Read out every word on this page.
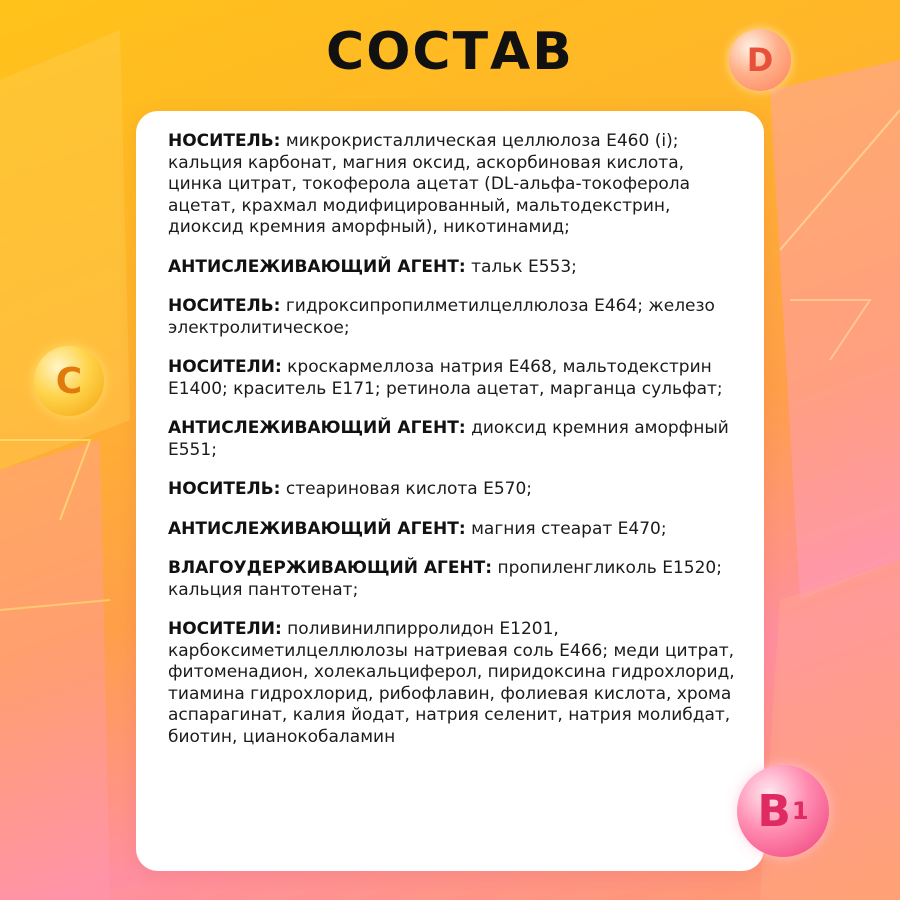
СОСТАВ	D
C

НОСИТЕЛЬ: микрокристаллическая целлюлоза E460 (i); кальция карбонат, магния оксид, аскорбиновая кислота, цинка цитрат, токоферола ацетат (DL-альфа-токоферола ацетат, крахмал модифицированный, мальтодекстрин, диоксид кремния аморфный), никотинамид;

АНТИСЛЕЖИВАЮЩИЙ АГЕНТ: тальк E553;

НОСИТЕЛЬ: гидроксипропилметилцеллюлоза E464; железо электролитическое;

НОСИТЕЛИ: кроскармеллоза натрия E468, мальтодекстрин E1400; краситель E171; ретинола ацетат, марганца сульфат;

АНТИСЛЕЖИВАЮЩИЙ АГЕНТ: диоксид кремния аморфный E551;

НОСИТЕЛЬ: стеариновая кислота E570;

АНТИСЛЕЖИВАЮЩИЙ АГЕНТ: магния стеарат E470;

ВЛАГОУДЕРЖИВАЮЩИЙ АГЕНТ: пропиленгликоль E1520; кальция пантотенат;

НОСИТЕЛИ: поливинилпирролидон E1201, карбоксиметилцеллюлозы натриевая соль E466; меди цитрат, фитоменадион, холекальциферол, пиридоксина гидрохлорид, тиамина гидрохлорид, рибофлавин, фолиевая кислота, хрома аспарагинат, калия йодат, натрия селенит, натрия молибдат, биотин, цианокобаламин

B 1
